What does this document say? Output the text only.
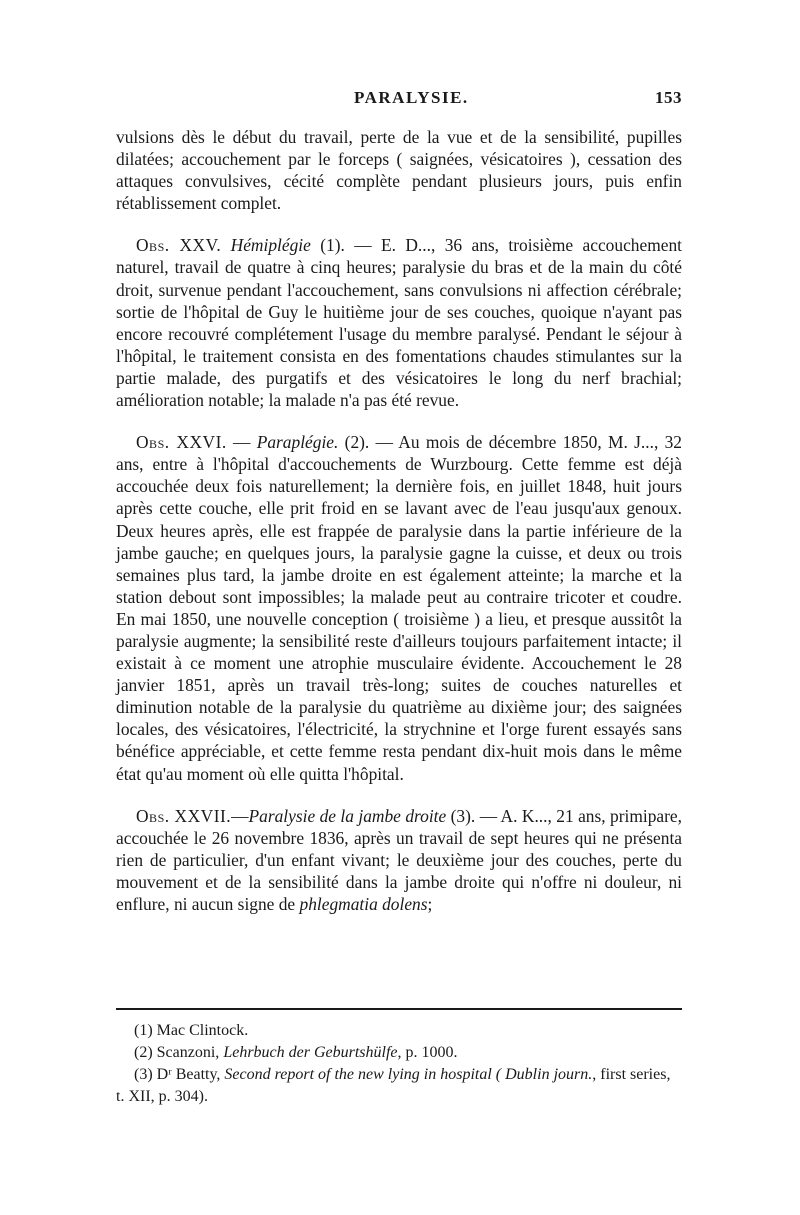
PARALYSIE.	153

vulsions dès le début du travail, perte de la vue et de la sensibilité, pupilles dilatées; accouchement par le forceps ( saignées, vésicatoires ), cessation des attaques convulsives, cécité complète pendant plusieurs jours, puis enfin rétablissement complet.

Obs. XXV. Hémiplégie (1). — E. D..., 36 ans, troisième accouchement naturel, travail de quatre à cinq heures; paralysie du bras et de la main du côté droit, survenue pendant l'accouchement, sans convulsions ni affection cérébrale; sortie de l'hôpital de Guy le huitième jour de ses couches, quoique n'ayant pas encore recouvré complétement l'usage du membre paralysé. Pendant le séjour à l'hôpital, le traitement consista en des fomentations chaudes stimulantes sur la partie malade, des purgatifs et des vésicatoires le long du nerf brachial; amélioration notable; la malade n'a pas été revue.

Obs. XXVI. — Paraplégie. (2). — Au mois de décembre 1850, M. J..., 32 ans, entre à l'hôpital d'accouchements de Wurzbourg. Cette femme est déjà accouchée deux fois naturellement; la dernière fois, en juillet 1848, huit jours après cette couche, elle prit froid en se lavant avec de l'eau jusqu'aux genoux. Deux heures après, elle est frappée de paralysie dans la partie inférieure de la jambe gauche; en quelques jours, la paralysie gagne la cuisse, et deux ou trois semaines plus tard, la jambe droite en est également atteinte; la marche et la station debout sont impossibles; la malade peut au contraire tricoter et coudre. En mai 1850, une nouvelle conception ( troisième ) a lieu, et presque aussitôt la paralysie augmente; la sensibilité reste d'ailleurs toujours parfaitement intacte; il existait à ce moment une atrophie musculaire évidente. Accouchement le 28 janvier 1851, après un travail très-long; suites de couches naturelles et diminution notable de la paralysie du quatrième au dixième jour; des saignées locales, des vésicatoires, l'électricité, la strychnine et l'orge furent essayés sans bénéfice appréciable, et cette femme resta pendant dix-huit mois dans le même état qu'au moment où elle quitta l'hôpital.

Obs. XXVII.—Paralysie de la jambe droite (3). — A. K..., 21 ans, primipare, accouchée le 26 novembre 1836, après un travail de sept heures qui ne présenta rien de particulier, d'un enfant vivant; le deuxième jour des couches, perte du mouvement et de la sensibilité dans la jambe droite qui n'offre ni douleur, ni enflure, ni aucun signe de phlegmatia dolens;

(1) Mac Clintock.

(2) Scanzoni, Lehrbuch der Geburtshülfe, p. 1000.

(3) Dʳ Beatty, Second report of the new lying in hospital ( Dublin journ., first series, t. XII, p. 304).
